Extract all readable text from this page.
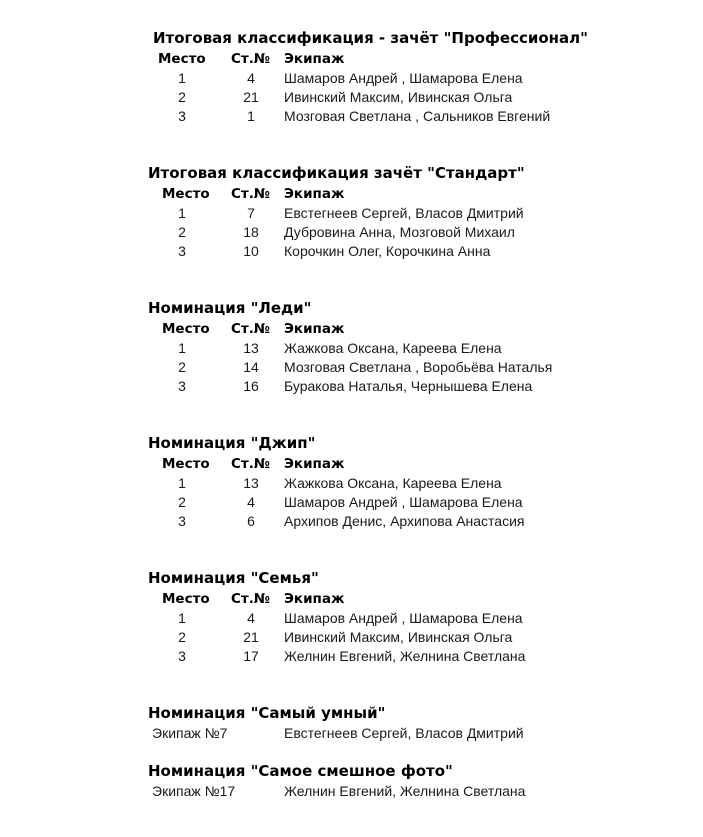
Итоговая классификация - зачёт "Профессионал"
Место Ст.№ Экипаж
1	4	Шамаров Андрей , Шамарова Елена
2	21	Ивинский Максим, Ивинская Ольга
3	1	Мозговая Светлана , Сальников Евгений
Итоговая классификация зачёт "Стандарт"
Место Ст.№ Экипаж
1	7	Евстегнеев Сергей, Власов Дмитрий
2	18	Дубровина Анна, Мозговой Михаил
3	10	Корочкин Олег, Корочкина Анна
Номинация "Леди"
Место Ст.№ Экипаж
1	13	Жажкова Оксана, Кареева Елена
2	14	Мозговая Светлана , Воробьёва Наталья
3	16	Буракова Наталья, Чернышева Елена
Номинация "Джип"
Место Ст.№ Экипаж
1	13	Жажкова Оксана, Кареева Елена
2	4	Шамаров Андрей , Шамарова Елена
3	6	Архипов Денис, Архипова Анастасия
Номинация "Семья"
Место Ст.№ Экипаж
1	4	Шамаров Андрей , Шамарова Елена
2	21	Ивинский Максим, Ивинская Ольга
3	17	Желнин Евгений, Желнина Светлана
Номинация "Самый умный"
Экипаж №7	Евстегнеев Сергей, Власов Дмитрий
Номинация "Самое смешное фото"
Экипаж №17	Желнин Евгений, Желнина Светлана
